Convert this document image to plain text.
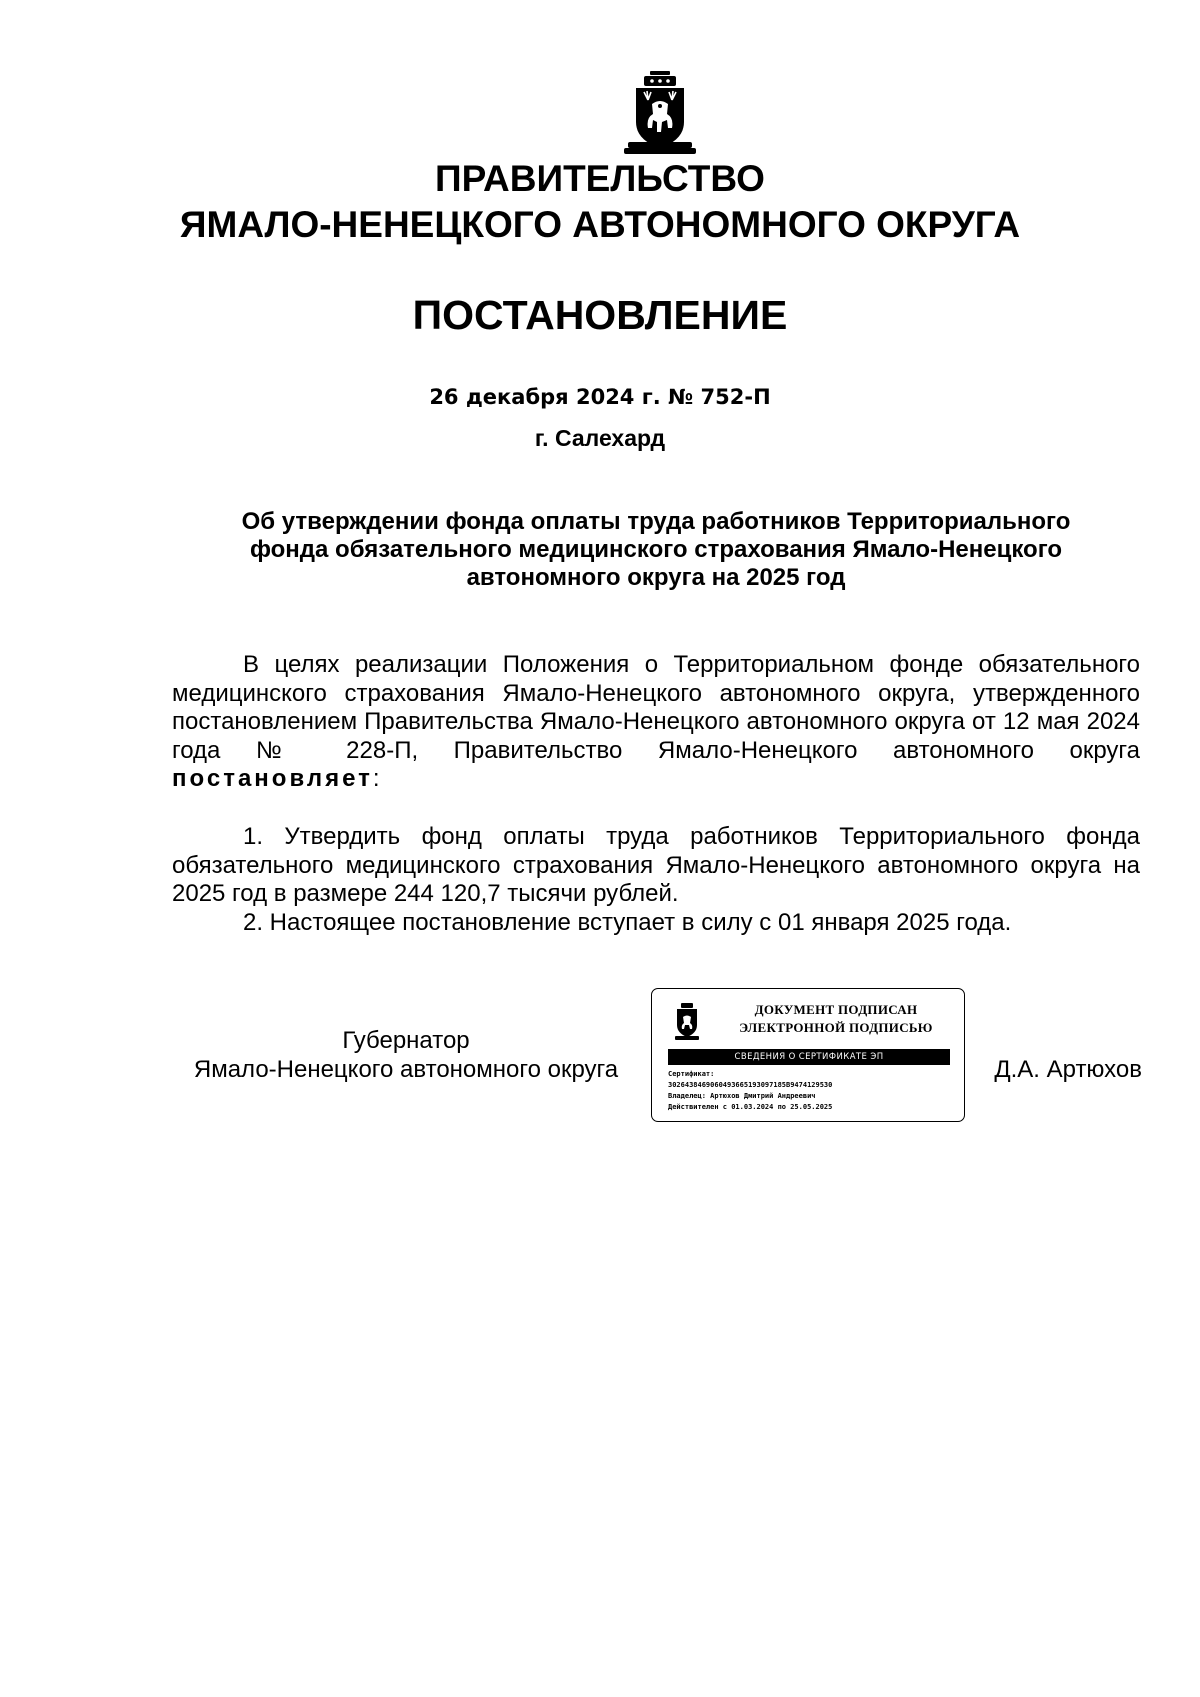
ПРАВИТЕЛЬСТВО
ЯМАЛО-НЕНЕЦКОГО АВТОНОМНОГО ОКРУГА
ПОСТАНОВЛЕНИЕ
26 декабря 2024 г. № 752-П
г. Салехард
Об утверждении фонда оплаты труда работников Территориального
фонда обязательного медицинского страхования Ямало-Ненецкого
автономного округа на 2025 год

В целях реализации Положения о Территориальном фонде обязательного медицинского страхования Ямало-Ненецкого автономного округа, утвержденного постановлением Правительства Ямало-Ненецкого автономного округа от 12 мая 2024 года № 228-П, Правительство Ямало-Ненецкого автономного округа постановляет:

1. Утвердить фонд оплаты труда работников Территориального фонда обязательного медицинского страхования Ямало-Ненецкого автономного округа на 2025 год в размере 244 120,7 тысячи рублей.

2. Настоящее постановление вступает в силу с 01 января 2025 года.

Губернатор
Ямало-Ненецкого автономного округа
ДОКУМЕНТ ПОДПИСАН
ЭЛЕКТРОННОЙ ПОДПИСЬЮ
СВЕДЕНИЯ О СЕРТИФИКАТЕ ЭП
Сертификат:
3026438469060493665193097185B9474129530
Владелец: Артюхов Дмитрий Андреевич
Действителен с 01.03.2024 по 25.05.2025
Д.А. Артюхов
